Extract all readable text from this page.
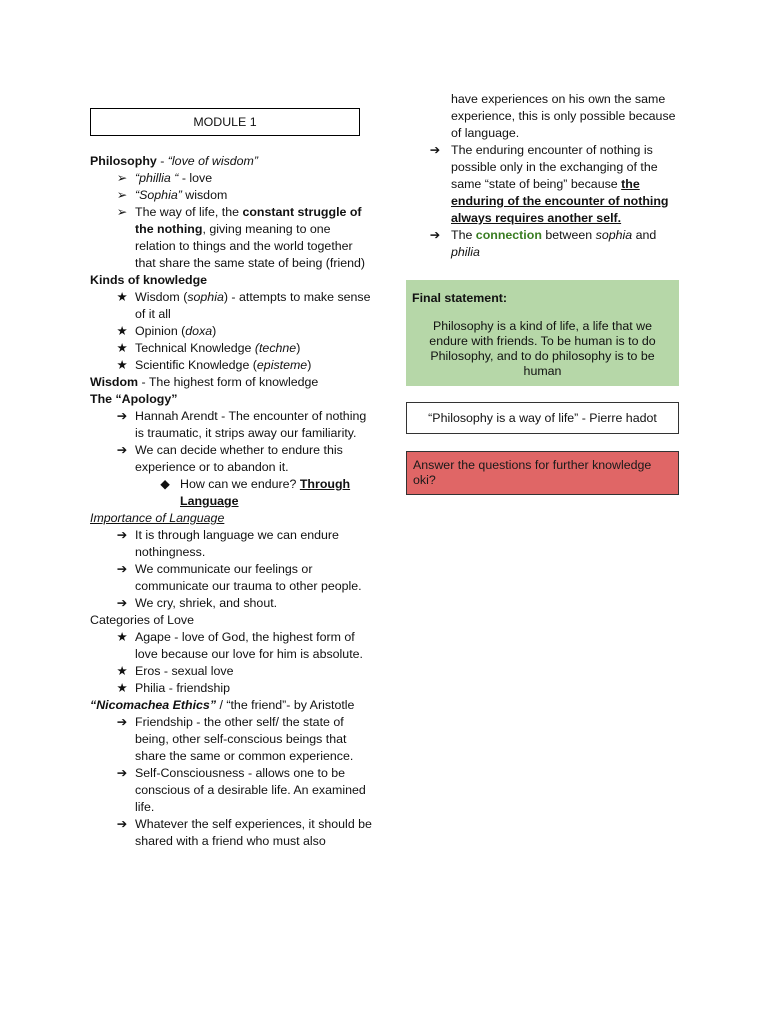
MODULE 1

Philosophy - “love of wisdom”

➢ “phillia “ - love
➢ “Sophia” wisdom
➢ The way of life, the constant struggle of the nothing, giving meaning to one relation to things and the world together that share the same state of being (friend)

Kinds of knowledge

★ Wisdom (sophia) - attempts to make sense of it all
★ Opinion (doxa)
★ Technical Knowledge (techne)
★ Scientific Knowledge (episteme)

Wisdom - The highest form of knowledge

The “Apology”

➔ Hannah Arendt - The encounter of nothing is traumatic, it strips away our familiarity.
➔ We can decide whether to endure this experience or to abandon it.
◆ How can we endure? Through Language

Importance of Language

➔ It is through language we can endure nothingness.
➔ We communicate our feelings or communicate our trauma to other people.
➔ We cry, shriek, and shout.

Categories of Love

★ Agape - love of God, the highest form of love because our love for him is absolute.
★ Eros - sexual love
★ Philia - friendship

“Nicomachea Ethics” / “the friend”- by Aristotle

➔ Friendship - the other self/ the state of being, other self-conscious beings that share the same or common experience.
➔ Self-Consciousness - allows one to be conscious of a desirable life. An examined life.
➔ Whatever the self experiences, it should be shared with a friend who must also
have experiences on his own the same experience, this is only possible because of language.
➔ The enduring encounter of nothing is possible only in the exchanging of the same “state of being” because the enduring of the encounter of nothing always requires another self.
➔ The connection between sophia and philia
Final statement:
Philosophy is a kind of life, a life that we endure with friends. To be human is to do Philosophy, and to do philosophy is to be human
“Philosophy is a way of life” - Pierre hadot
Answer the questions for further knowledge oki?
